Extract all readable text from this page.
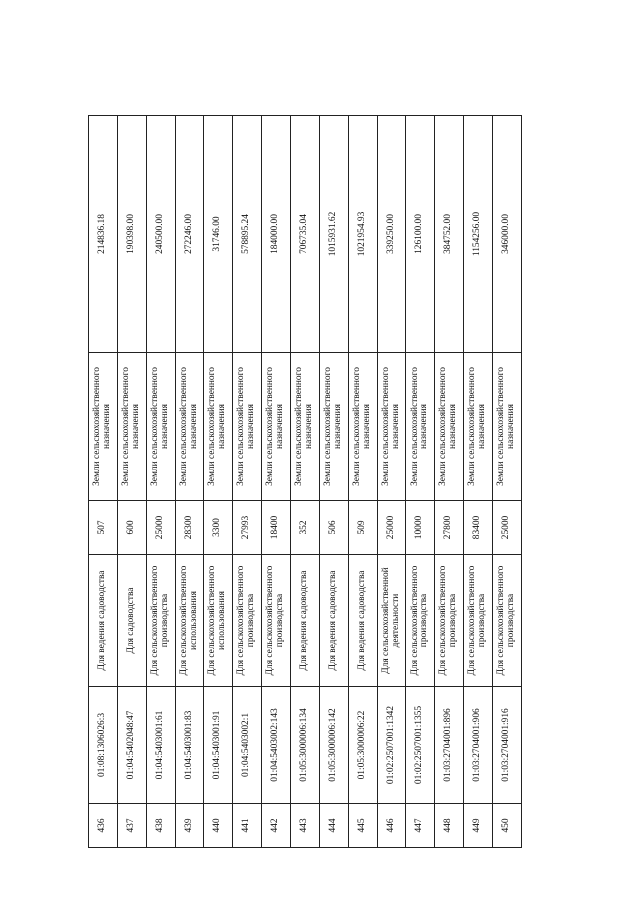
436	01:08:1306026:3	Для ведения садоводства	507	Земли сельскохозяйственного назначения	214836.18
437	01:04:5402048:47	Для садоводства	600	Земли сельскохозяйственного назначения	190398.00
438	01:04:5403001:61	Для сельскохозяйственного производства	25000	Земли сельскохозяйственного назначения	240500.00
439	01:04:5403001:83	Для сельскохозяйственного использования	28300	Земли сельскохозяйственного назначения	272246.00
440	01:04:5403001:91	Для сельскохозяйственного использования	3300	Земли сельскохозяйственного назначения	31746.00
441	01:04:5403002:1	Для сельскохозяйственного производства	27993	Земли сельскохозяйственного назначения	578895.24
442	01:04:5403002:143	Для сельскохозяйственного производства	18400	Земли сельскохозяйственного назначения	184000.00
443	01:05:3000006:134	Для ведения садоводства	352	Земли сельскохозяйственного назначения	706735.04
444	01:05:3000006:142	Для ведения садоводства	506	Земли сельскохозяйственного назначения	1015931.62
445	01:05:3000006:22	Для ведения садоводства	509	Земли сельскохозяйственного назначения	1021954.93
446	01:02:2507001:1342	Для сельскохозяйственной деятельности	25000	Земли сельскохозяйственного назначения	339250.00
447	01:02:2507001:1355	Для сельскохозяйственного производства	10000	Земли сельскохозяйственного назначения	126100.00
448	01:03:2704001:896	Для сельскохозяйственного производства	27800	Земли сельскохозяйственного назначения	384752.00
449	01:03:2704001:906	Для сельскохозяйственного производства	83400	Земли сельскохозяйственного назначения	1154256.00
450	01:03:2704001:916	Для сельскохозяйственного производства	25000	Земли сельскохозяйственного назначения	346000.00
